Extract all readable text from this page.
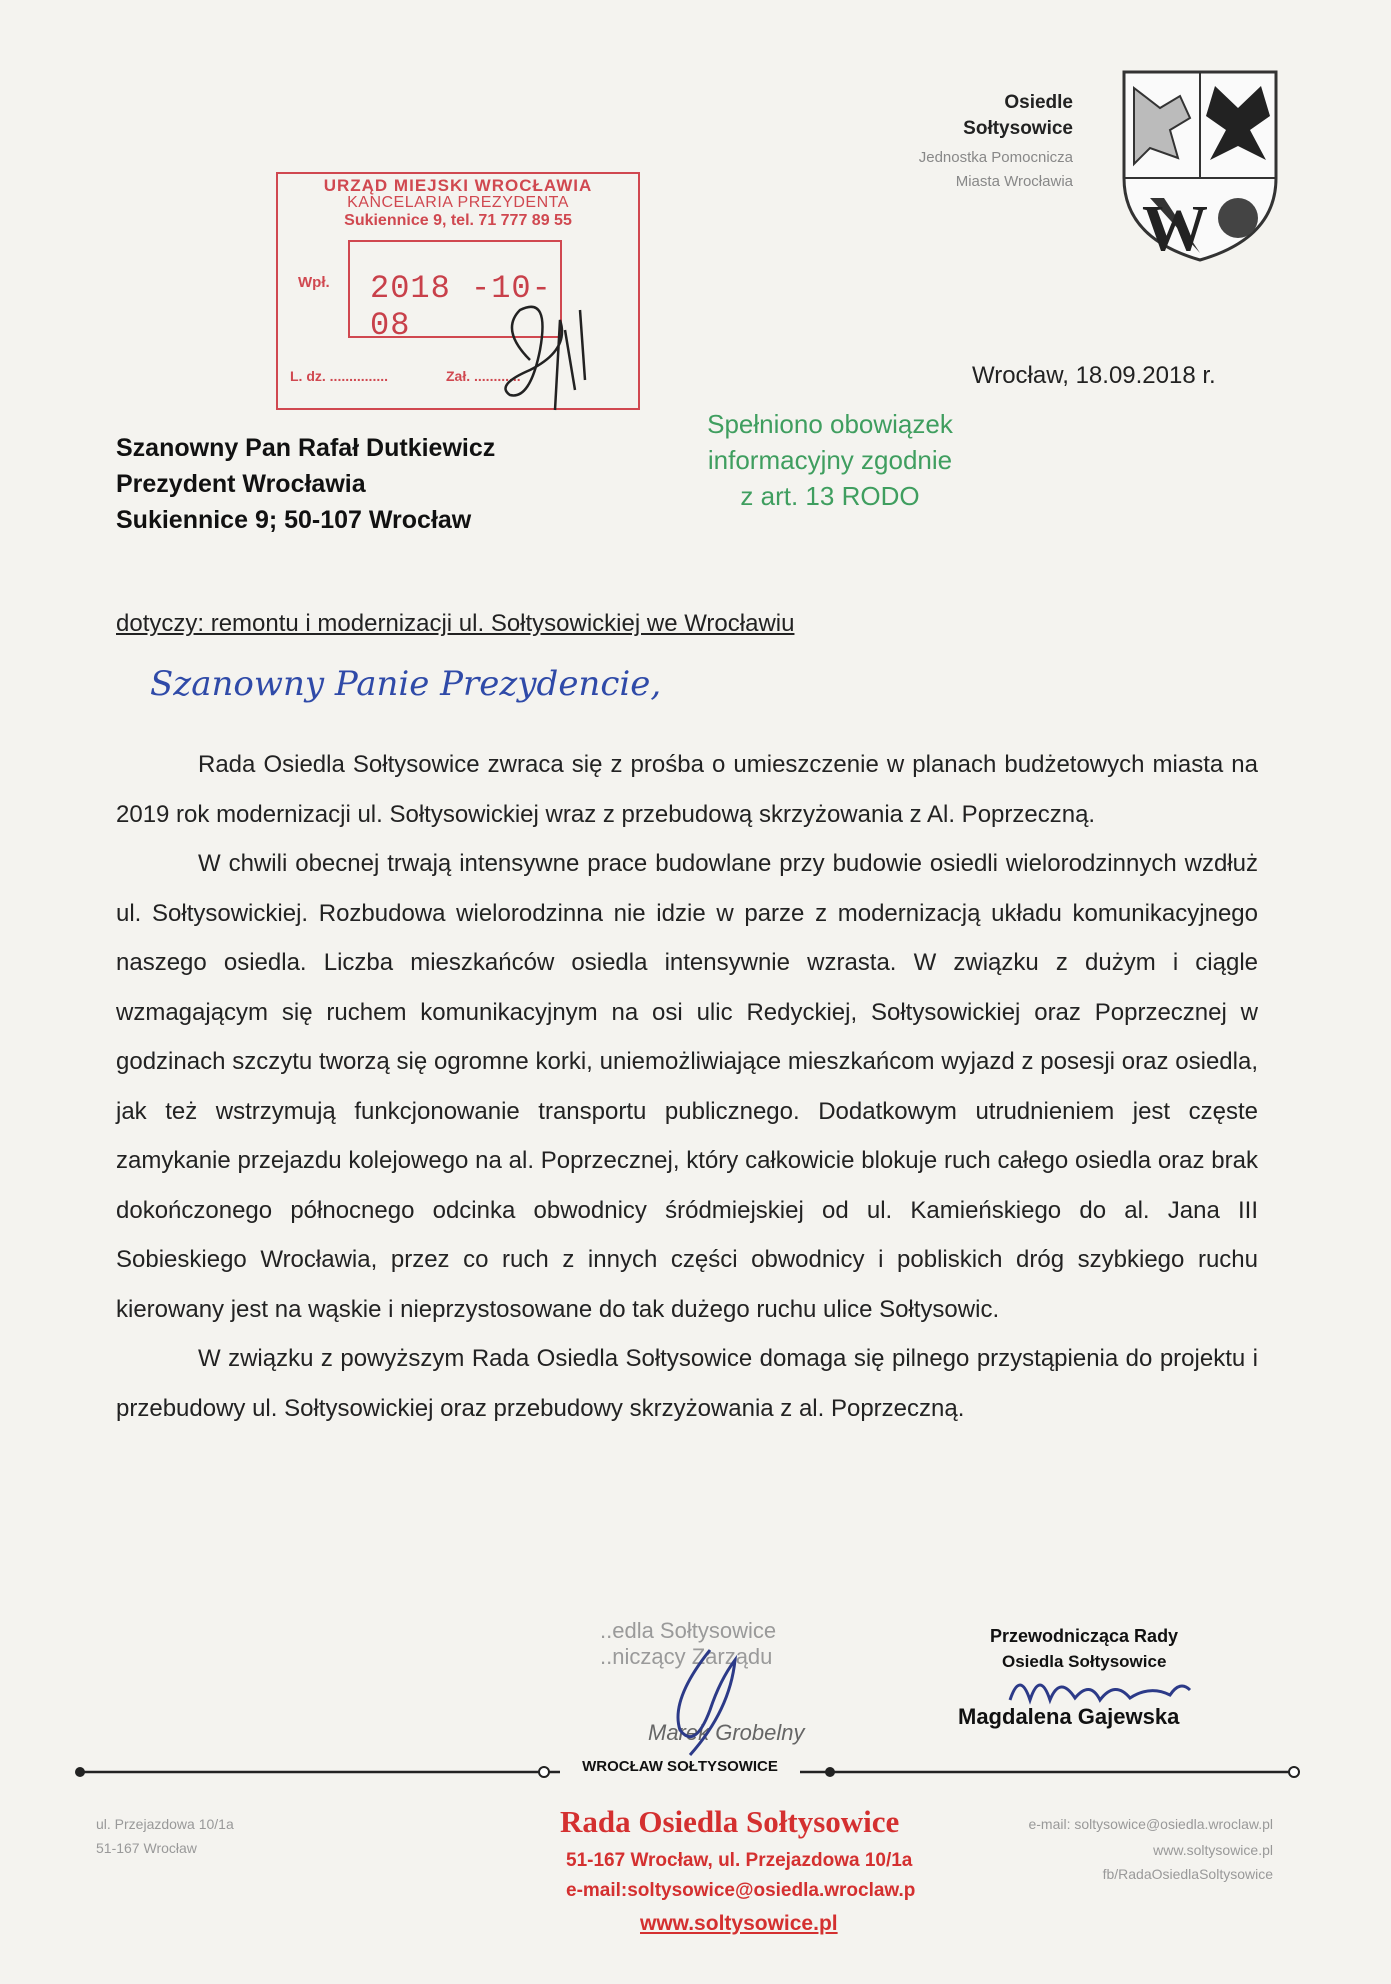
Osiedle
Sołtysowice
Jednostka Pomocnicza
Miasta Wrocławia
W
URZĄD MIEJSKI WROCŁAWIA
KANCELARIA PREZYDENTA
Sukiennice 9, tel. 71 777 89 55
Wpł. 2018 -10- 08
L. dz. ...............	Zał. ............	Wrocław, 18.09.2018 r.
Spełniono obowiązek
informacyjny zgodnie
z art. 13 RODO
Szanowny Pan Rafał Dutkiewicz
Prezydent Wrocławia
Sukiennice 9; 50-107 Wrocław
dotyczy: remontu i modernizacji ul. Sołtysowickiej we Wrocławiu
Szanowny Panie Prezydencie,

Rada Osiedla Sołtysowice zwraca się z prośba o umieszczenie w planach budżetowych miasta na 2019 rok modernizacji ul. Sołtysowickiej wraz z przebudową skrzyżowania z Al. Poprzeczną.

W chwili obecnej trwają intensywne prace budowlane przy budowie osiedli wielorodzinnych wzdłuż ul. Sołtysowickiej. Rozbudowa wielorodzinna nie idzie w parze z modernizacją układu komunikacyjnego naszego osiedla. Liczba mieszkańców osiedla intensywnie wzrasta. W związku z dużym i ciągle wzmagającym się ruchem komunikacyjnym na osi ulic Redyckiej, Sołtysowickiej oraz Poprzecznej w godzinach szczytu tworzą się ogromne korki, uniemożliwiające mieszkańcom wyjazd z posesji oraz osiedla, jak też wstrzymują funkcjonowanie transportu publicznego. Dodatkowym utrudnieniem jest częste zamykanie przejazdu kolejowego na al. Poprzecznej, który całkowicie blokuje ruch całego osiedla oraz brak dokończonego północnego odcinka obwodnicy śródmiejskiej od ul. Kamieńskiego do al. Jana III Sobieskiego Wrocławia, przez co ruch z innych części obwodnicy i pobliskich dróg szybkiego ruchu kierowany jest na wąskie i nieprzystosowane do tak dużego ruchu ulice Sołtysowic.

W związku z powyższym Rada Osiedla Sołtysowice domaga się pilnego przystąpienia do projektu i przebudowy ul. Sołtysowickiej oraz przebudowy skrzyżowania z al. Poprzeczną.

..edla Sołtysowice
..niczący Zarządu
Marek Grobelny
Przewodnicząca Rady
Osiedla Sołtysowice
Magdalena Gajewska
WROCŁAW SOŁTYSOWICE
ul. Przejazdowa 10/1a
51-167 Wrocław
Rada Osiedla Sołtysowice
51-167 Wrocław, ul. Przejazdowa 10/1a
e-mail:soltysowice@osiedla.wroclaw.p
www.soltysowice.pl
e-mail: soltysowice@osiedla.wroclaw.pl
www.soltysowice.pl
fb/RadaOsiedlaSoltysowice
